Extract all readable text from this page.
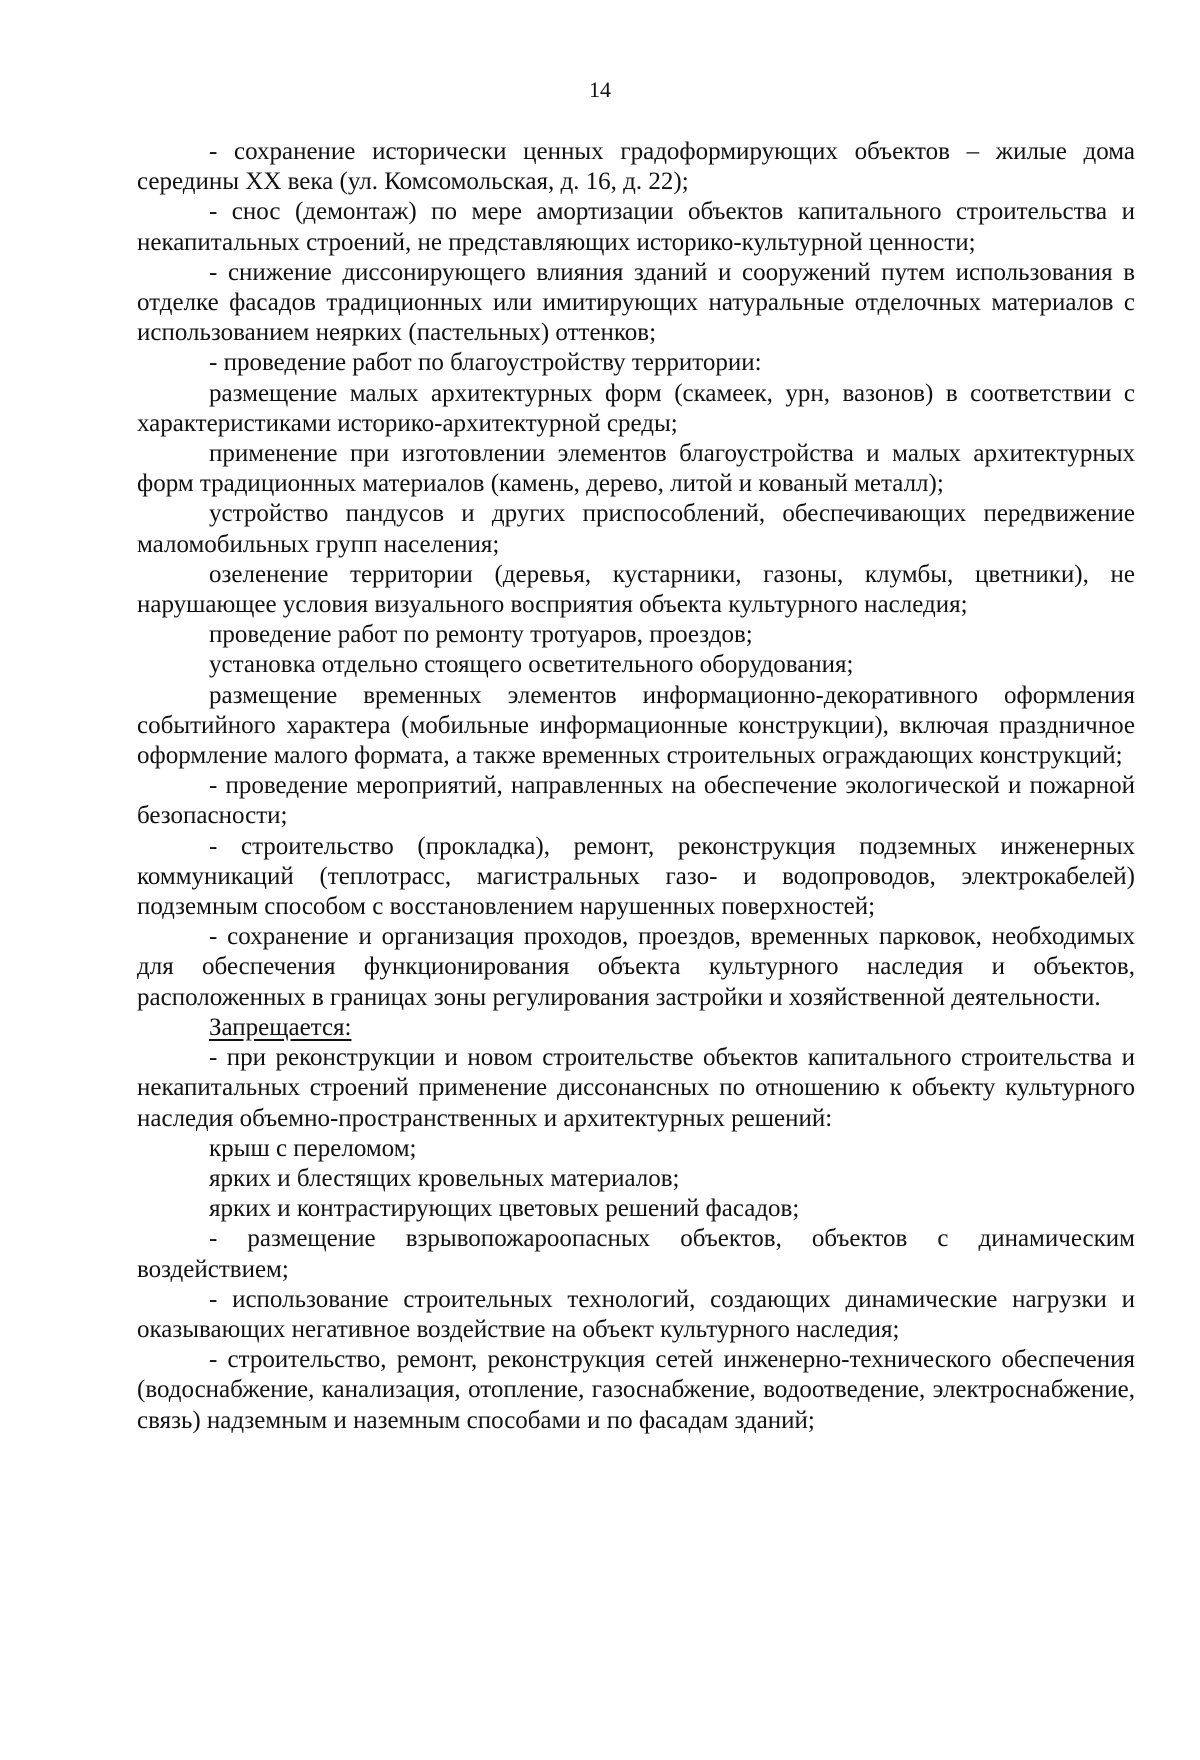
14

- сохранение исторически ценных градоформирующих объектов – жилые дома середины XX века (ул. Комсомольская, д. 16, д. 22);

- снос (демонтаж) по мере амортизации объектов капитального строительства и некапитальных строений, не представляющих историко-культурной ценности;

- снижение диссонирующего влияния зданий и сооружений путем использования в отделке фасадов традиционных или имитирующих натуральные отделочных материалов с использованием неярких (пастельных) оттенков;

- проведение работ по благоустройству территории:

размещение малых архитектурных форм (скамеек, урн, вазонов) в соответствии с характеристиками историко-архитектурной среды;

применение при изготовлении элементов благоустройства и малых архитектурных форм традиционных материалов (камень, дерево, литой и кованый металл);

устройство пандусов и других приспособлений, обеспечивающих передвижение маломобильных групп населения;

озеленение территории (деревья, кустарники, газоны, клумбы, цветники), не нарушающее условия визуального восприятия объекта культурного наследия;

проведение работ по ремонту тротуаров, проездов;

установка отдельно стоящего осветительного оборудования;

размещение временных элементов информационно-декоративного оформления событийного характера (мобильные информационные конструкции), включая праздничное оформление малого формата, а также временных строительных ограждающих конструкций;

- проведение мероприятий, направленных на обеспечение экологической и пожарной безопасности;

- строительство (прокладка), ремонт, реконструкция подземных инженерных коммуникаций (теплотрасс, магистральных газо- и водопроводов, электрокабелей) подземным способом с восстановлением нарушенных поверхностей;

- сохранение и организация проходов, проездов, временных парковок, необходимых для обеспечения функционирования объекта культурного наследия и объектов, расположенных в границах зоны регулирования застройки и хозяйственной деятельности.

Запрещается:

- при реконструкции и новом строительстве объектов капитального строительства и некапитальных строений применение диссонансных по отношению к объекту культурного наследия объемно-пространственных и архитектурных решений:

крыш с переломом;

ярких и блестящих кровельных материалов;

ярких и контрастирующих цветовых решений фасадов;

- размещение взрывопожароопасных объектов, объектов с динамическим воздействием;

- использование строительных технологий, создающих динамические нагрузки и оказывающих негативное воздействие на объект культурного наследия;

- строительство, ремонт, реконструкция сетей инженерно-технического обеспечения (водоснабжение, канализация, отопление, газоснабжение, водоотведение, электроснабжение, связь) надземным и наземным способами и по фасадам зданий;
